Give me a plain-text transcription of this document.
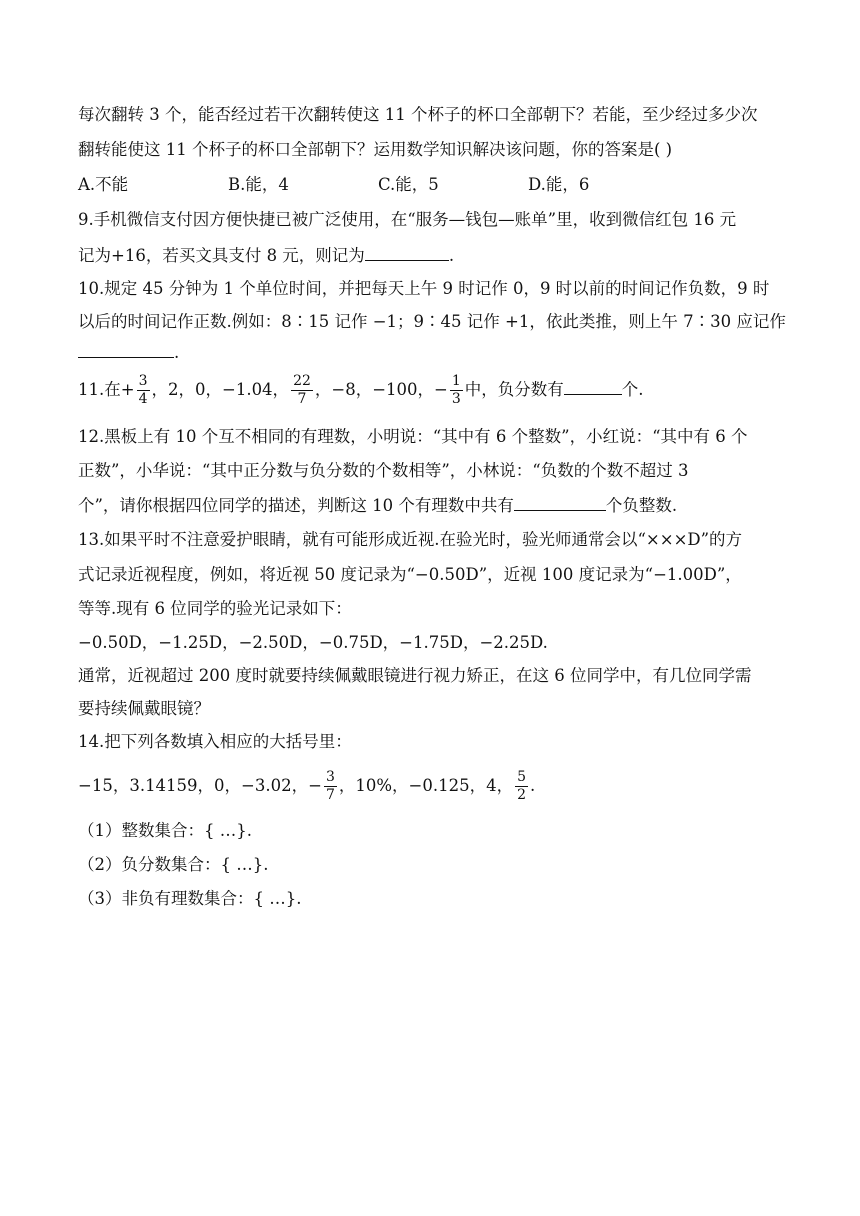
每次翻转 3 个，能否经过若干次翻转使这 11 个杯子的杯口全部朝下？若能，至少经过多少次
翻转能使这 11 个杯子的杯口全部朝下？运用数学知识解决该问题，你的答案是( )
A.不能	B.能，4	C.能，5	D.能，6
9.手机微信支付因方便快捷已被广泛使用，在“服务—钱包—账单”里，收到微信红包 16 元
记为+16，若买文具支付 8 元，则记为	.
10.规定 45 分钟为 1 个单位时间，并把每天上午 9 时记作 0，9 时以前的时间记作负数，9 时
以后的时间记作正数.例如：8∶15 记作 −1；9∶45 记作 +1，依此类推，则上午 7∶30 应记作
.
11.在+ $\frac{3}{4}$ ，2，0，−1.04， $\frac{22}{7}$ ，−8，−100，− $\frac{1}{3}$ 中，负分数有	个.
12.黑板上有 10 个互不相同的有理数，小明说：“其中有 6 个整数”，小红说：“其中有 6 个
正数”，小华说：“其中正分数与负分数的个数相等”，小林说：“负数的个数不超过 3
个”，请你根据四位同学的描述，判断这 10 个有理数中共有	个负整数.
13.如果平时不注意爱护眼睛，就有可能形成近视.在验光时，验光师通常会以“×××D”的方
式记录近视程度，例如，将近视 50 度记录为“−0.50D”，近视 100 度记录为“−1.00D”，
等等.现有 6 位同学的验光记录如下：
−0.50D，−1.25D，−2.50D，−0.75D，−1.75D，−2.25D.
通常，近视超过 200 度时就要持续佩戴眼镜进行视力矫正，在这 6 位同学中，有几位同学需
要持续佩戴眼镜？
14.把下列各数填入相应的大括号里：
−15，3.14159，0，−3.02，− $\frac{3}{7}$ ，10%，−0.125，4， $\frac{5}{2}$ .
（1）整数集合：{ …}.
（2）负分数集合：{ …}.
（3）非负有理数集合：{ …}.
